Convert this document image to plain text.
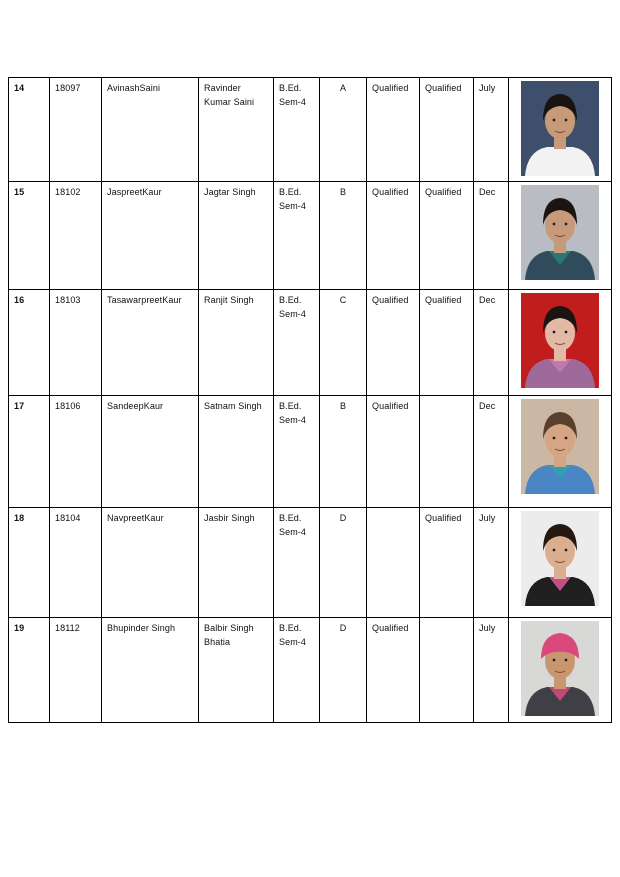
14	18097	AvinashSaini	Ravinder Kumar Saini	B.Ed. Sem-4	A	Qualified	Qualified	July	

15	18102	JaspreetKaur	Jagtar Singh	B.Ed. Sem-4	B	Qualified	Qualified	Dec	

16	18103	TasawarpreetKaur	Ranjit Singh	B.Ed. Sem-4	C	Qualified	Qualified	Dec	

17	18106	SandeepKaur	Satnam Singh	B.Ed. Sem-4	B	Qualified		Dec	

18	18104	NavpreetKaur	Jasbir Singh	B.Ed. Sem-4	D		Qualified	July	

19	18112	Bhupinder Singh	Balbir Singh Bhatia	B.Ed. Sem-4	D	Qualified		July	
